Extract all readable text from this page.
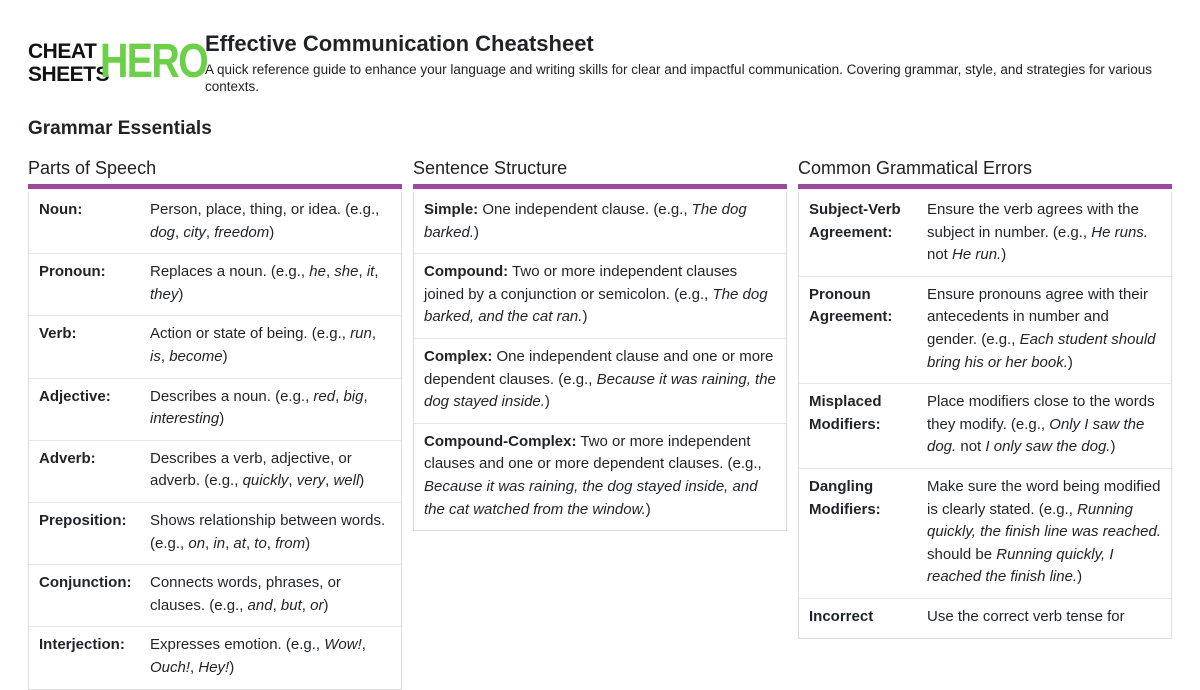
CHEAT
SHEETS
HERO
Effective Communication Cheatsheet

A quick reference guide to enhance your language and writing skills for clear and impactful communication. Covering grammar, style, and strategies for various contexts.

Grammar Essentials
Parts of Speech
Noun:	Person, place, thing, or idea. (e.g., dog, city, freedom)
Pronoun:	Replaces a noun. (e.g., he, she, it, they)
Verb:	Action or state of being. (e.g., run, is, become)
Adjective:	Describes a noun. (e.g., red, big, interesting)
Adverb:	Describes a verb, adjective, or adverb. (e.g., quickly, very, well)
Preposition:	Shows relationship between words. (e.g., on, in, at, to, from)
Conjunction:	Connects words, phrases, or clauses. (e.g., and, but, or)
Interjection:	Expresses emotion. (e.g., Wow!, Ouch!, Hey!)
Sentence Structure
Simple: One independent clause. (e.g., The dog barked.)
Compound: Two or more independent clauses joined by a conjunction or semicolon. (e.g., The dog barked, and the cat ran.)
Complex: One independent clause and one or more dependent clauses. (e.g., Because it was raining, the dog stayed inside.)
Compound-Complex: Two or more independent clauses and one or more dependent clauses. (e.g., Because it was raining, the dog stayed inside, and the cat watched from the window.)
Common Grammatical Errors
Subject-Verb Agreement:
Ensure the verb agrees with the subject in number. (e.g., He runs. not He run.)
Pronoun Agreement:
Ensure pronouns agree with their antecedents in number and gender. (e.g., Each student should bring his or her book.)
Misplaced Modifiers:
Place modifiers close to the words they modify. (e.g., Only I saw the dog. not I only saw the dog.)
Dangling Modifiers:
Make sure the word being modified is clearly stated. (e.g., Running quickly, the finish line was reached. should be Running quickly, I reached the finish line.)
Incorrect	Use the correct verb tense for
